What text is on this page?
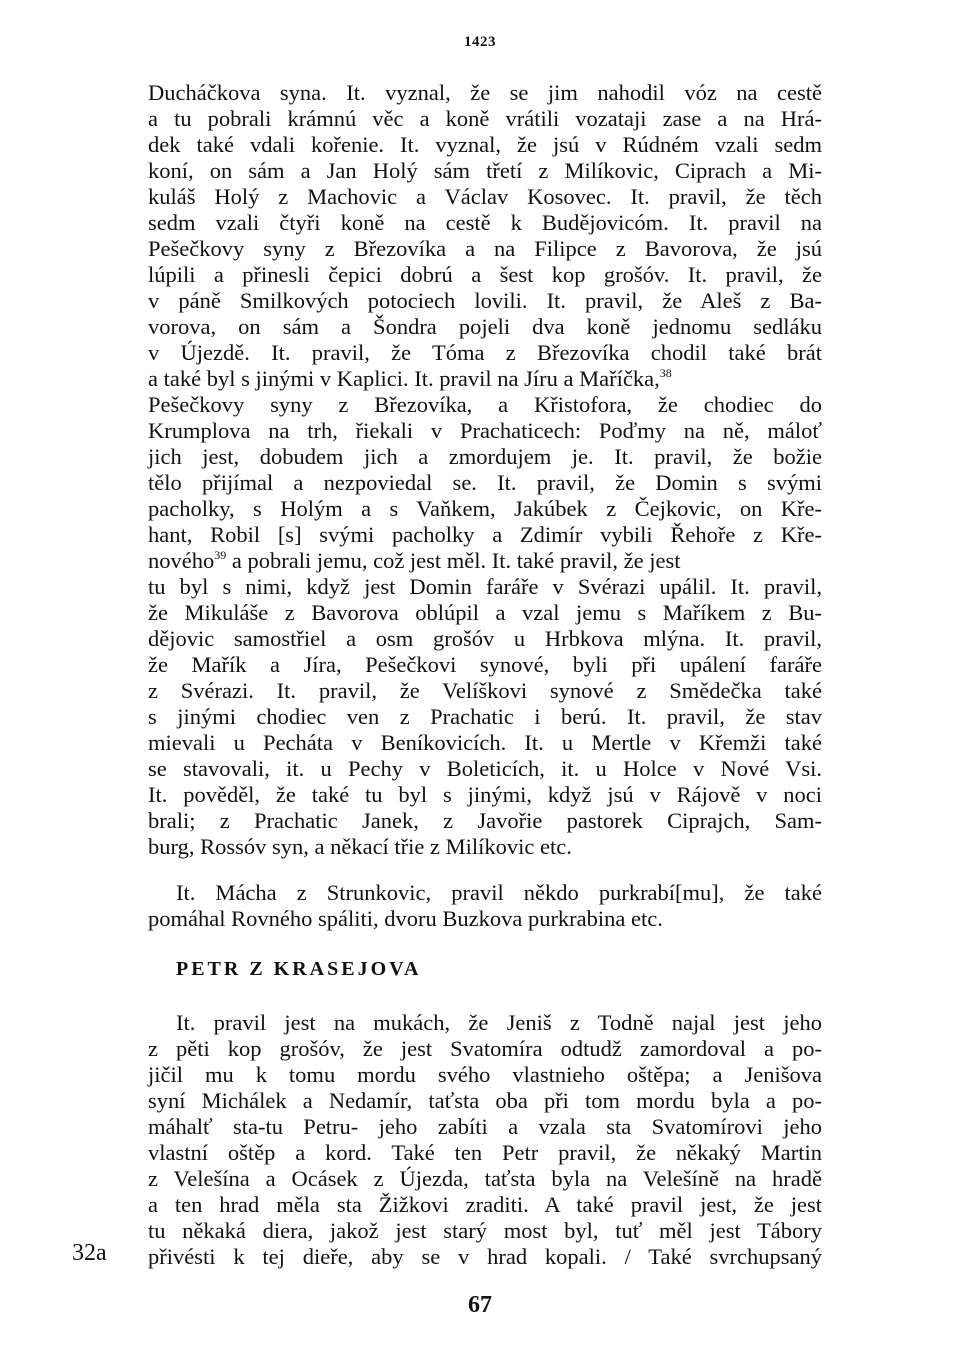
1423
Ducháčkova syna. It. vyznal, že se jim nahodil vóz na cestě
a tu pobrali krámnú věc a koně vrátili vozataji zase a na Hrá-
dek také vdali kořenie. It. vyznal, že jsú v Rúdném vzali sedm
koní, on sám a Jan Holý sám třetí z Milíkovic, Ciprach a Mi-
kuláš Holý z Machovic a Václav Kosovec. It. pravil, že těch
sedm vzali čtyři koně na cestě k Budějovicóm. It. pravil na
Pešečkovy syny z Březovíka a na Filipce z Bavorova, že jsú
lúpili a přinesli čepici dobrú a šest kop grošóv. It. pravil, že
v páně Smilkových potociech lovili. It. pravil, že Aleš z Ba-
vorova, on sám a Šondra pojeli dva koně jednomu sedláku
v Újezdě. It. pravil, že Tóma z Březovíka chodil také brát
a také byl s jinými v Kaplici. It. pravil na Jíru a Maříčka,$^{38}$
Pešečkovy syny z Březovíka, a Křistofora, že chodiec do
Krumplova na trh, řiekali v Prachaticech: Poďmy na ně, máloť
jich jest, dobudem jich a zmordujem je. It. pravil, že božie
tělo přijímal a nezpoviedal se. It. pravil, že Domin s svými
pacholky, s Holým a s Vaňkem, Jakúbek z Čejkovic, on Kře-
hant, Robil [s] svými pacholky a Zdimír vybili Řehoře z Kře-
nového$^{39}$ a pobrali jemu, což jest měl. It. také pravil, že jest
tu byl s nimi, když jest Domin faráře v Svérazi upálil. It. pravil,
že Mikuláše z Bavorova oblúpil a vzal jemu s Maříkem z Bu-
dějovic samostřiel a osm grošóv u Hrbkova mlýna. It. pravil,
že Mařík a Jíra, Pešečkovi synové, byli při upálení faráře
z Svérazi. It. pravil, že Velíškovi synové z Smědečka také
s jinými chodiec ven z Prachatic i berú. It. pravil, že stav
mievali u Pecháta v Beníkovicích. It. u Mertle v Křemži také
se stavovali, it. u Pechy v Boleticích, it. u Holce v Nové Vsi.
It. pověděl, že také tu byl s jinými, když jsú v Rájově v noci
brali; z Prachatic Janek, z Javořie pastorek Ciprajch, Sam-
burg, Rossóv syn, a někací třie z Milíkovic etc.
It. Mácha z Strunkovic, pravil někdo purkrabí[mu], že také
pomáhal Rovného spáliti, dvoru Buzkova purkrabina etc.
PETR Z KRASEJOVA
It. pravil jest na mukách, že Jeniš z Todně najal jest jeho
z pěti kop grošóv, že jest Svatomíra odtudž zamordoval a po-
jičil mu k tomu mordu svého vlastnieho oštěpa; a Jenišova
syní Michálek a Nedamír, taťsta oba při tom mordu byla a po-
máhalť sta-tu Petru- jeho zabíti a vzala sta Svatomírovi jeho
vlastní oštěp a kord. Také ten Petr pravil, že někaký Martin
z Velešína a Ocásek z Újezda, taťsta byla na Velešíně na hradě
a ten hrad měla sta Žižkovi zraditi. A také pravil jest, že jest
tu někaká diera, jakož jest starý most byl, tuť měl jest Tábory
přivésti k tej dieře, aby se v hrad kopali. / Také svrchupsaný
32a
67
